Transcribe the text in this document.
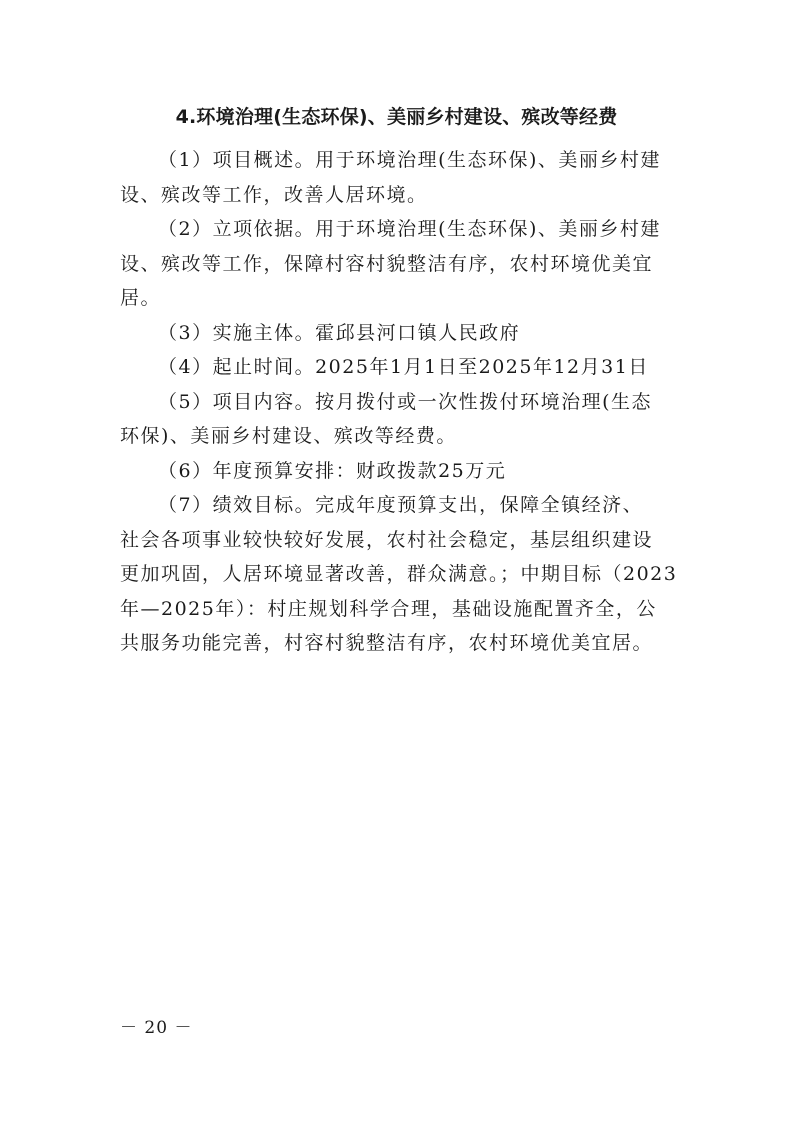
4.环境治理(生态环保)、美丽乡村建设、殡改等经费

（1）项目概述。用于环境治理(生态环保)、美丽乡村建
设、殡改等工作，改善人居环境。

（2）立项依据。用于环境治理(生态环保)、美丽乡村建
设、殡改等工作，保障村容村貌整洁有序，农村环境优美宜
居。

（3）实施主体。霍邱县河口镇人民政府

（4）起止时间。2025年1月1日至2025年12月31日

（5）项目内容。按月拨付或一次性拨付环境治理(生态
环保)、美丽乡村建设、殡改等经费。

（6）年度预算安排：财政拨款25万元

（7）绩效目标。完成年度预算支出，保障全镇经济、
社会各项事业较快较好发展，农村社会稳定，基层组织建设
更加巩固，人居环境显著改善，群众满意。；中期目标（2023
年—2025年）：村庄规划科学合理，基础设施配置齐全，公
共服务功能完善，村容村貌整洁有序，农村环境优美宜居。

－ 20 －
